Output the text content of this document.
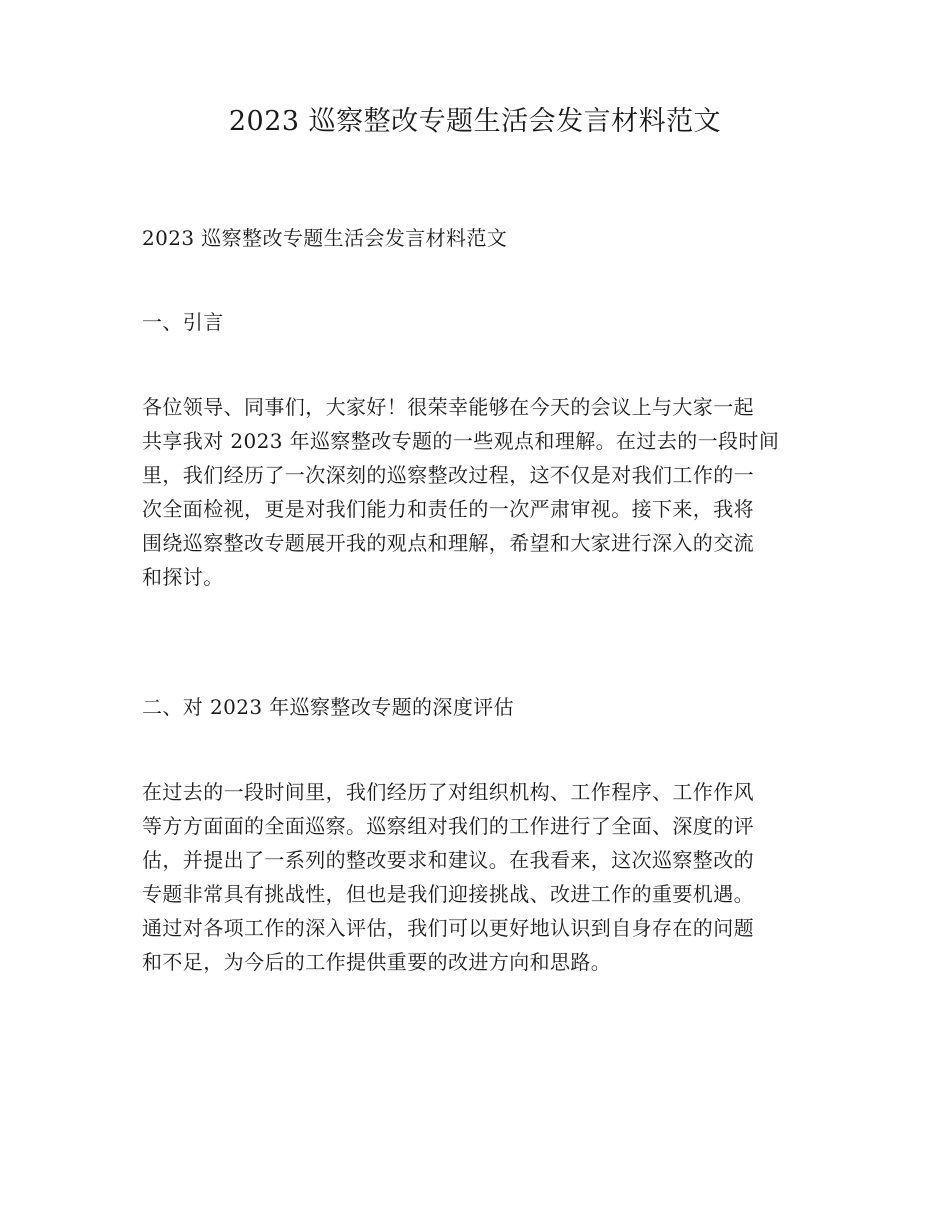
2023 巡察整改专题生活会发言材料范文
2023 巡察整改专题生活会发言材料范文
一、引言
各位领导、同事们，大家好！很荣幸能够在今天的会议上与大家一起
共享我对 2023 年巡察整改专题的一些观点和理解。在过去的一段时间
里，我们经历了一次深刻的巡察整改过程，这不仅是对我们工作的一
次全面检视，更是对我们能力和责任的一次严肃审视。接下来，我将
围绕巡察整改专题展开我的观点和理解，希望和大家进行深入的交流
和探讨。
二、对 2023 年巡察整改专题的深度评估
在过去的一段时间里，我们经历了对组织机构、工作程序、工作作风
等方方面面的全面巡察。巡察组对我们的工作进行了全面、深度的评
估，并提出了一系列的整改要求和建议。在我看来，这次巡察整改的
专题非常具有挑战性，但也是我们迎接挑战、改进工作的重要机遇。
通过对各项工作的深入评估，我们可以更好地认识到自身存在的问题
和不足，为今后的工作提供重要的改进方向和思路。
